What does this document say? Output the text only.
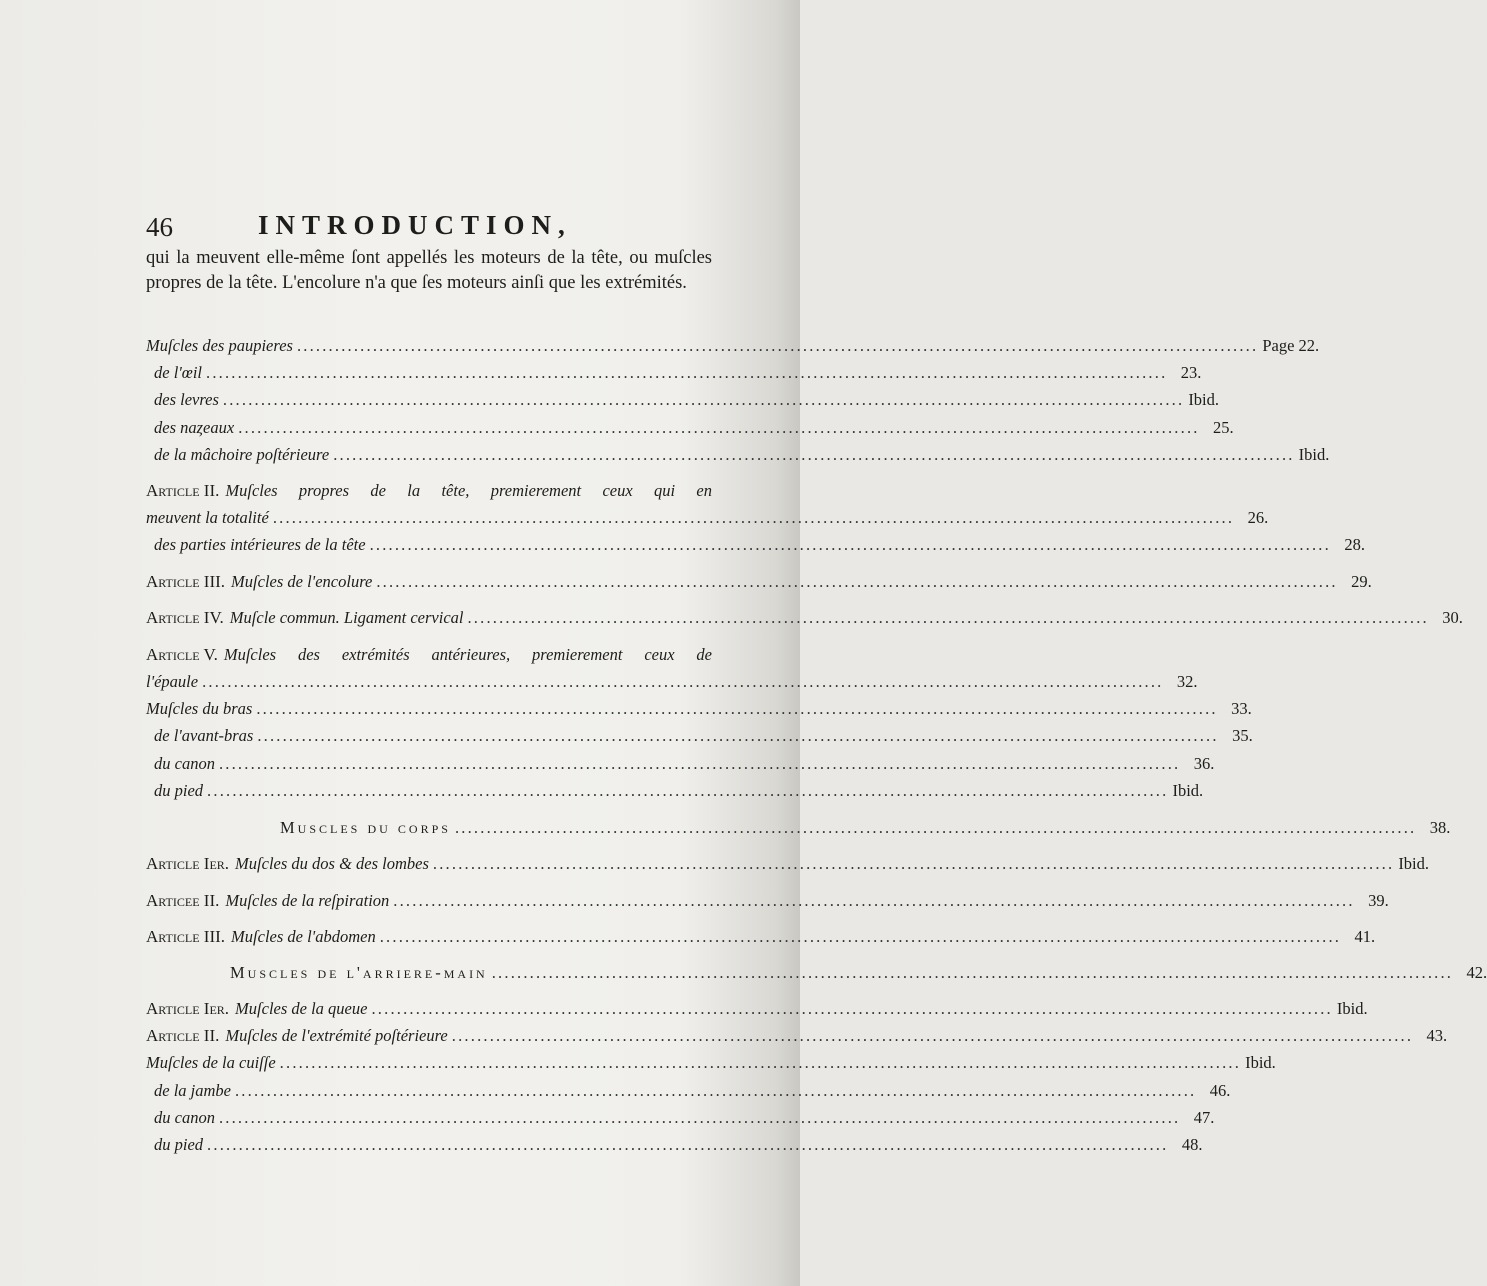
46	INTRODUCTION,

qui la meuvent elle-même ſont appellés les moteurs de la tête, ou muſcles propres de la tête. L'encolure n'a que ſes moteurs ainſi que les extrémités.

Muſcles des paupieres .....	Page 22.
de l'œil .....	23.
des levres .....	Ibid.
des naȥeaux .....	25.
de la mâchoire poſtérieure .....	Ibid.
Article II. Muſcles propres de la tête, premierement ceux qui en
meuvent la totalité .....	26.
des parties intérieures de la tête .....	28.
Article III. Muſcles de l'encolure .....	29.
Article IV. Muſcle commun. Ligament cervical .....	30.
Article V. Muſcles des extrémités antérieures, premierement ceux de
l'épaule .....	32.
Muſcles du bras .....	33.
de l'avant-bras .....	35.
du canon .....	36.
du pied .....	Ibid.
Muscles du corps .....	38.
Article Ier. Muſcles du dos & des lombes .....	Ibid.
Articee II. Muſcles de la reſpiration .....	39.
Article III. Muſcles de l'abdomen .....	41.
Muscles de l'arriere-main .....	42.
Article Ier. Muſcles de la queue .....	Ibid.
Article II. Muſcles de l'extrémité poſtérieure .....	43.
Muſcles de la cuiſſe .....	Ibid.
de la jambe .....	46.
du canon .....	47.
du pied .....	48.
